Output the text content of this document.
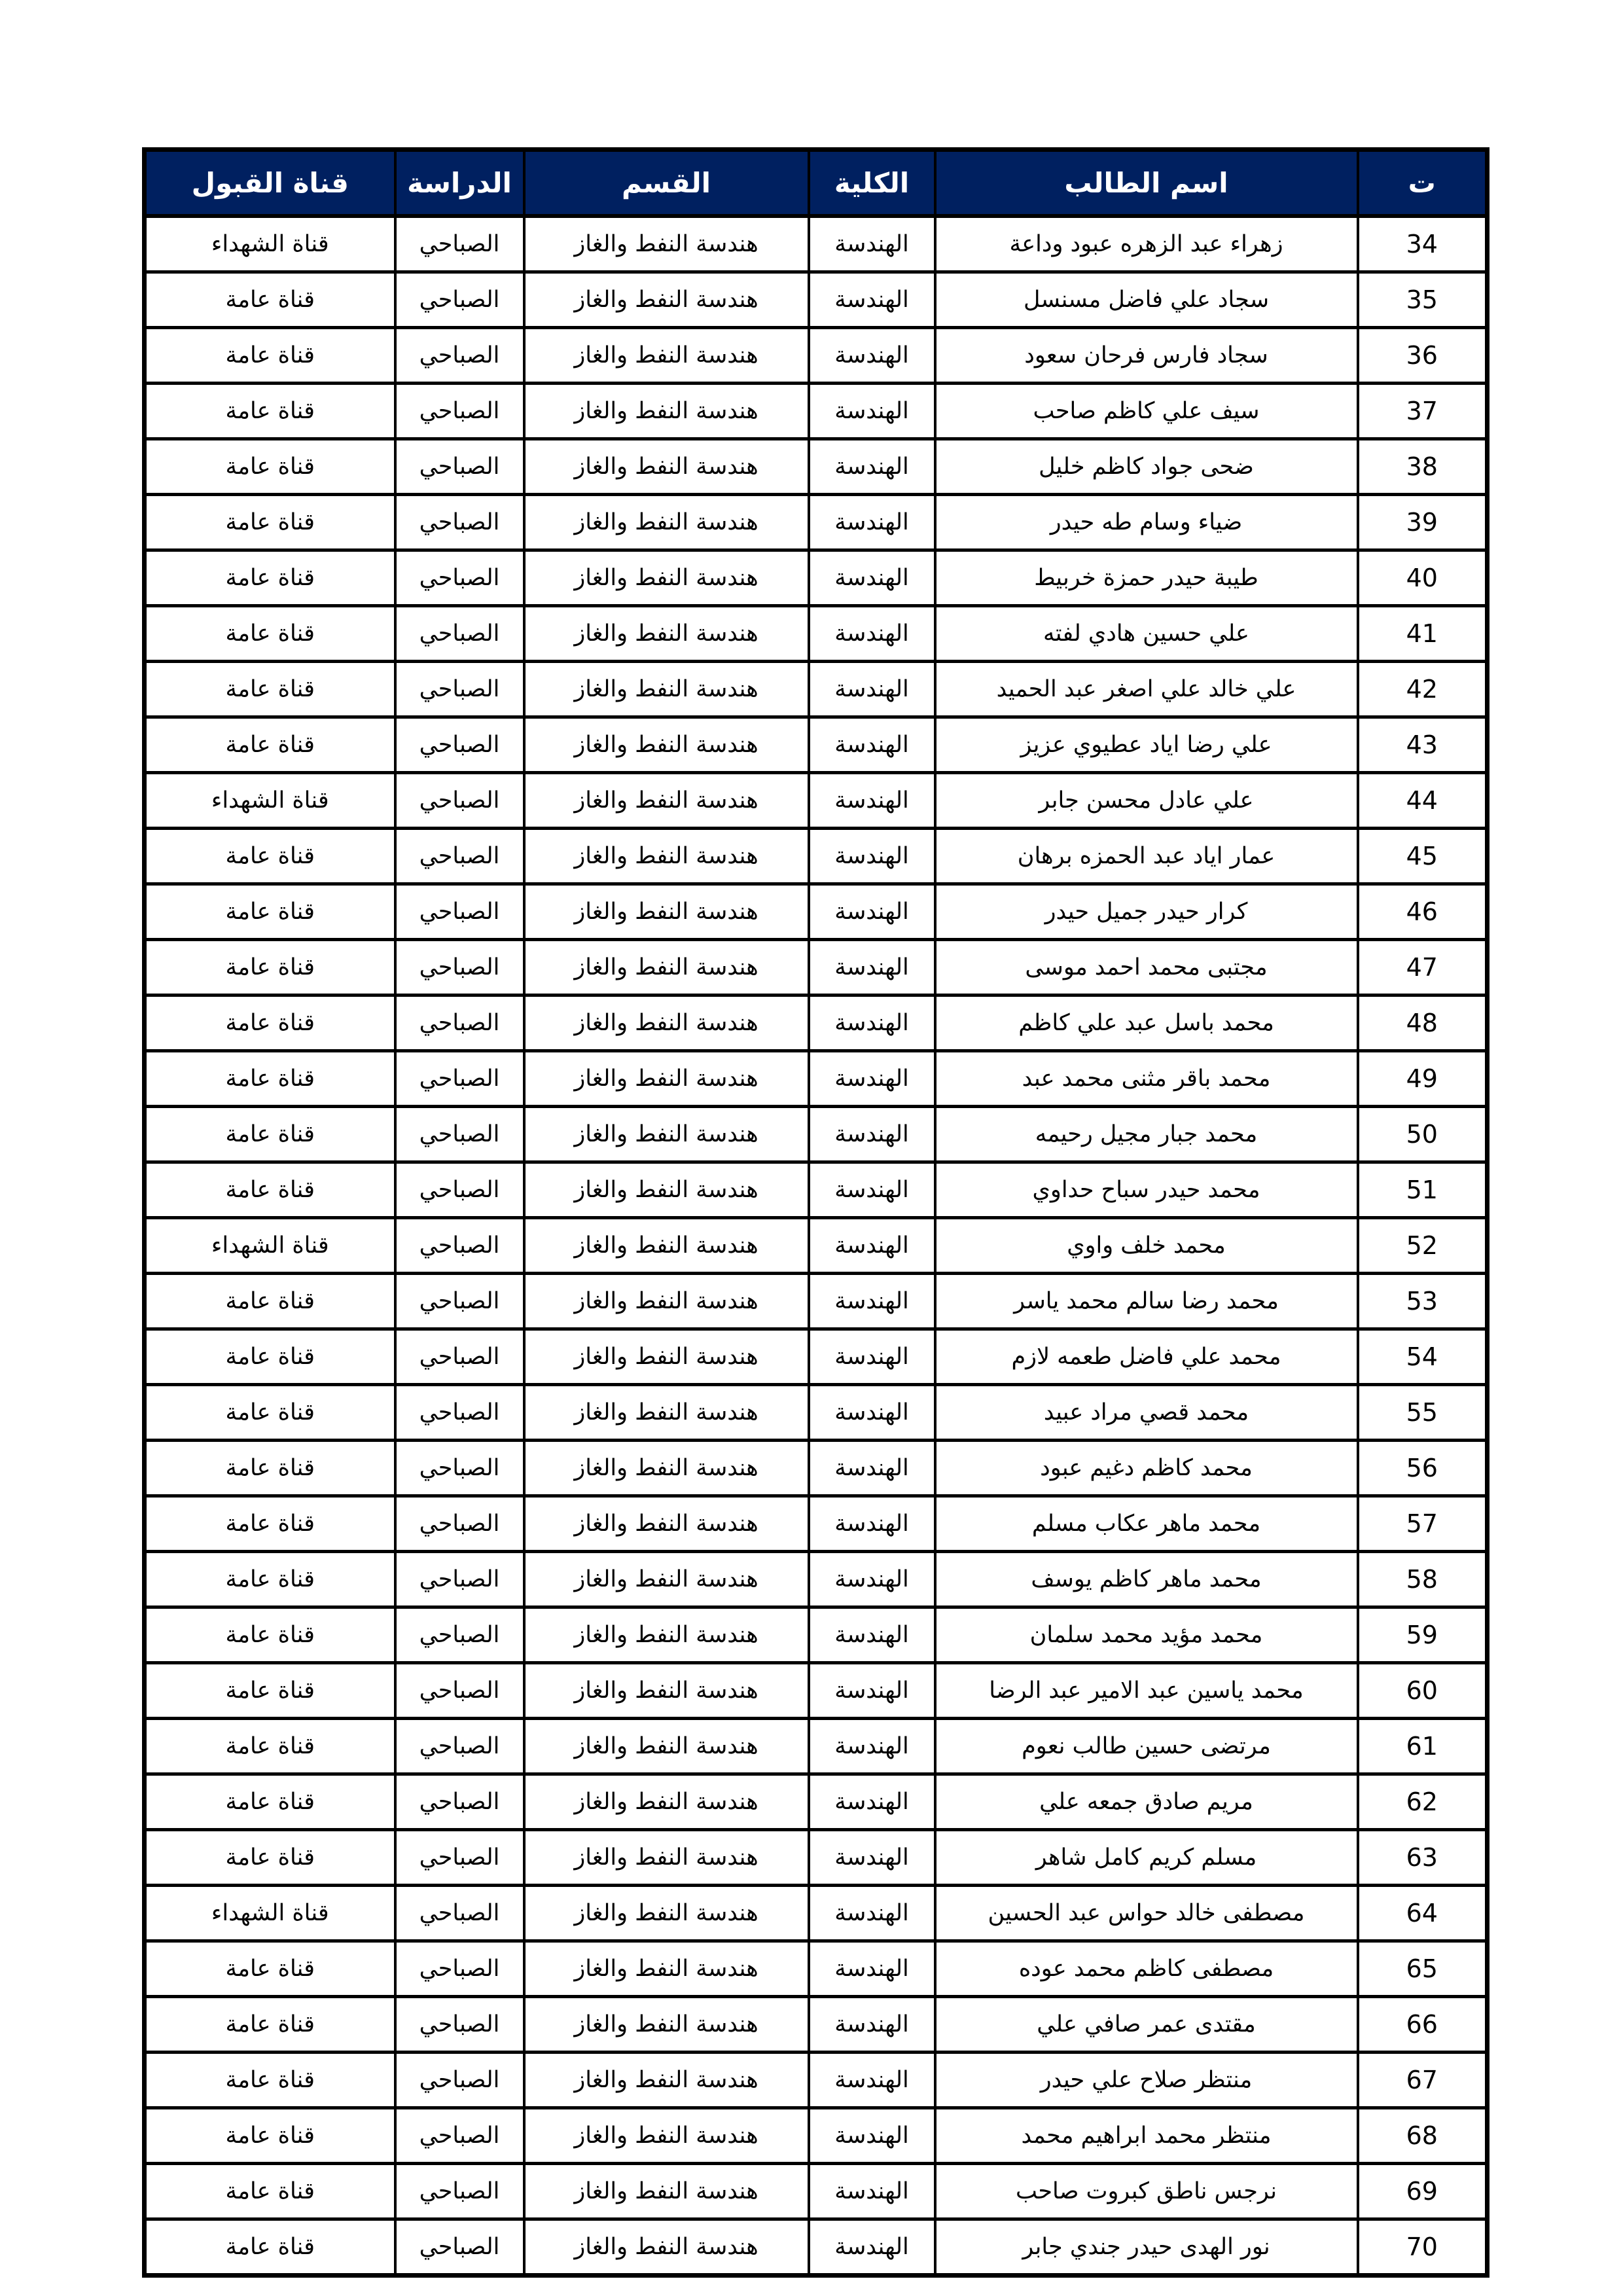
ت	اسم الطالب	الكلية	القسم	الدراسة	قناة القبول
34	زهراء عبد الزهره عبود وداعة	الهندسة	هندسة النفط والغاز	الصباحي	قناة الشهداء
35	سجاد علي فاضل مسنسل	الهندسة	هندسة النفط والغاز	الصباحي	قناة عامة
36	سجاد فارس فرحان سعود	الهندسة	هندسة النفط والغاز	الصباحي	قناة عامة
37	سيف علي كاظم صاحب	الهندسة	هندسة النفط والغاز	الصباحي	قناة عامة
38	ضحى جواد كاظم خليل	الهندسة	هندسة النفط والغاز	الصباحي	قناة عامة
39	ضياء وسام طه حيدر	الهندسة	هندسة النفط والغاز	الصباحي	قناة عامة
40	طيبة حيدر حمزة خربيط	الهندسة	هندسة النفط والغاز	الصباحي	قناة عامة
41	علي حسين هادي لفته	الهندسة	هندسة النفط والغاز	الصباحي	قناة عامة
42	علي خالد علي اصغر عبد الحميد	الهندسة	هندسة النفط والغاز	الصباحي	قناة عامة
43	علي رضا اياد عطيوي عزيز	الهندسة	هندسة النفط والغاز	الصباحي	قناة عامة
44	علي عادل محسن جابر	الهندسة	هندسة النفط والغاز	الصباحي	قناة الشهداء
45	عمار اياد عبد الحمزه برهان	الهندسة	هندسة النفط والغاز	الصباحي	قناة عامة
46	كرار حيدر جميل حيدر	الهندسة	هندسة النفط والغاز	الصباحي	قناة عامة
47	مجتبى محمد احمد موسى	الهندسة	هندسة النفط والغاز	الصباحي	قناة عامة
48	محمد باسل عبد علي كاظم	الهندسة	هندسة النفط والغاز	الصباحي	قناة عامة
49	محمد باقر مثنى محمد عبد	الهندسة	هندسة النفط والغاز	الصباحي	قناة عامة
50	محمد جبار مجيل رحيمه	الهندسة	هندسة النفط والغاز	الصباحي	قناة عامة
51	محمد حيدر سباح حداوي	الهندسة	هندسة النفط والغاز	الصباحي	قناة عامة
52	محمد خلف واوي	الهندسة	هندسة النفط والغاز	الصباحي	قناة الشهداء
53	محمد رضا سالم محمد ياسر	الهندسة	هندسة النفط والغاز	الصباحي	قناة عامة
54	محمد علي فاضل طعمه لازم	الهندسة	هندسة النفط والغاز	الصباحي	قناة عامة
55	محمد قصي مراد عبيد	الهندسة	هندسة النفط والغاز	الصباحي	قناة عامة
56	محمد كاظم دغيم عبود	الهندسة	هندسة النفط والغاز	الصباحي	قناة عامة
57	محمد ماهر عكاب مسلم	الهندسة	هندسة النفط والغاز	الصباحي	قناة عامة
58	محمد ماهر كاظم يوسف	الهندسة	هندسة النفط والغاز	الصباحي	قناة عامة
59	محمد مؤيد محمد سلمان	الهندسة	هندسة النفط والغاز	الصباحي	قناة عامة
60	محمد ياسين عبد الامير عبد الرضا	الهندسة	هندسة النفط والغاز	الصباحي	قناة عامة
61	مرتضى حسين طالب نعوم	الهندسة	هندسة النفط والغاز	الصباحي	قناة عامة
62	مريم صادق جمعه علي	الهندسة	هندسة النفط والغاز	الصباحي	قناة عامة
63	مسلم كريم كامل شاهر	الهندسة	هندسة النفط والغاز	الصباحي	قناة عامة
64	مصطفى خالد حواس عبد الحسين	الهندسة	هندسة النفط والغاز	الصباحي	قناة الشهداء
65	مصطفى كاظم محمد عوده	الهندسة	هندسة النفط والغاز	الصباحي	قناة عامة
66	مقتدى عمر صافي علي	الهندسة	هندسة النفط والغاز	الصباحي	قناة عامة
67	منتظر صلاح علي حيدر	الهندسة	هندسة النفط والغاز	الصباحي	قناة عامة
68	منتظر محمد ابراهيم محمد	الهندسة	هندسة النفط والغاز	الصباحي	قناة عامة
69	نرجس ناطق كبروت صاحب	الهندسة	هندسة النفط والغاز	الصباحي	قناة عامة
70	نور الهدى حيدر جندي جابر	الهندسة	هندسة النفط والغاز	الصباحي	قناة عامة
